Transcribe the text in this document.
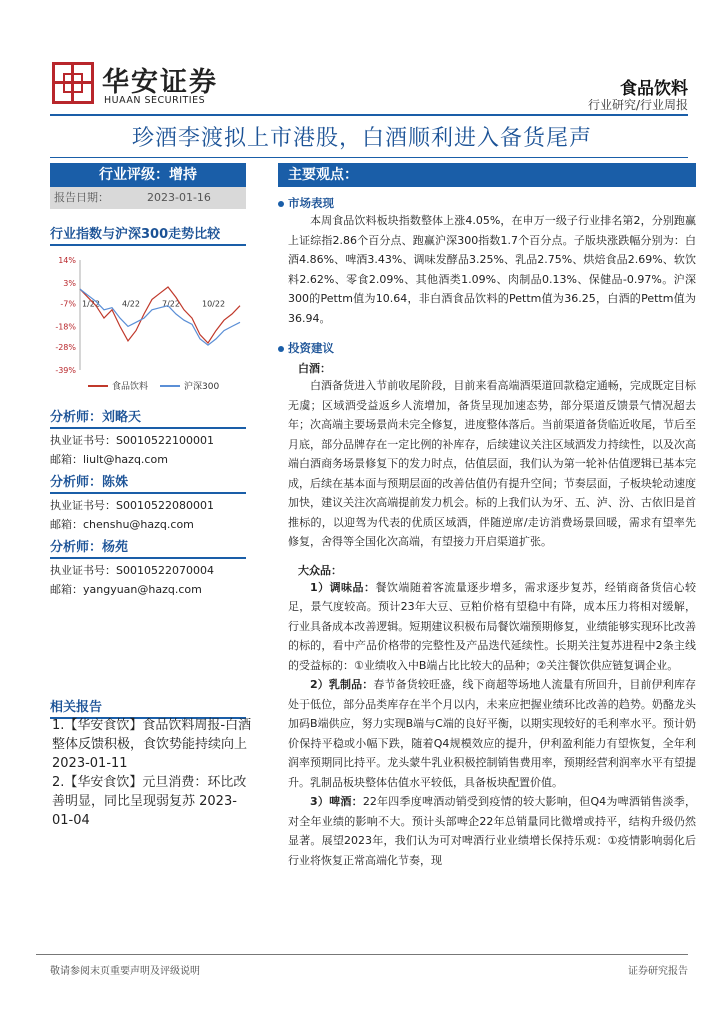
华安证券
HUAAN SECURITIES
食品饮料
行业研究/行业周报
珍酒李渡拟上市港股，白酒顺利进入备货尾声
行业评级：增持
报告日期：	2023-01-16
行业指数与沪深300走势比较
14%
3%
-7%
-18%
-28%
-39%
1/22	4/22	7/22	10/22
食品饮料	沪深300
分析师：刘略天
执业证书号：S0010522100001
邮箱：liult@hazq.com
分析师：陈姝
执业证书号：S0010522080001
邮箱：chenshu@hazq.com
分析师：杨苑
执业证书号：S0010522070004
邮箱：yangyuan@hazq.com
相关报告
1.【华安食饮】食品饮料周报-白酒整体反馈积极，食饮势能持续向上 2023-01-11
2.【华安食饮】元旦消费：环比改善明显，同比呈现弱复苏 2023-01-04
主要观点：
市场表现
本周食品饮料板块指数整体上涨4.05%，在申万一级子行业排名第2，分别跑赢上证综指2.86个百分点、跑赢沪深300指数1.7个百分点。子版块涨跌幅分别为：白酒4.86%、啤酒3.43%、调味发酵品3.25%、乳品2.75%、烘焙食品2.69%、软饮料2.62%、零食2.09%、其他酒类1.09%、肉制品0.13%、保健品-0.97%。沪深300的Pettm值为10.64，非白酒食品饮料的Pettm值为36.25，白酒的Pettm值为36.94。
投资建议
白酒：
白酒备货进入节前收尾阶段，目前来看高端酒渠道回款稳定通畅，完成既定目标无虞；区域酒受益返乡人流增加，备货呈现加速态势，部分渠道反馈景气情况超去年；次高端主要场景尚未完全修复，进度整体落后。当前渠道备货临近收尾，节后至月底，部分品牌存在一定比例的补库存，后续建议关注区域酒发力持续性，以及次高端白酒商务场景修复下的发力时点，估值层面，我们认为第一轮补估值逻辑已基本完成，后续在基本面与预期层面的改善估值仍有提升空间；节奏层面，子板块轮动速度加快，建议关注次高端提前发力机会。标的上我们认为牙、五、泸、汾、古依旧是首推标的，以迎驾为代表的优质区域酒，伴随逆席/走访消费场景回暖，需求有望率先修复，舍得等全国化次高端，有望接力开启渠道扩张。
大众品：
1）调味品：餐饮端随着客流量逐步增多，需求逐步复苏，经销商备货信心较足，景气度较高。预计23年大豆、豆粕价格有望稳中有降，成本压力将相对缓解，行业具备成本改善逻辑。短期建议积极布局餐饮端预期修复，业绩能够实现环比改善的标的，看中产品价格带的完整性及产品迭代延续性。长期关注复苏进程中2条主线的受益标的：①业绩收入中B端占比比较大的品种；②关注餐饮供应链复调企业。
2）乳制品：春节备货较旺盛，线下商超等场地人流量有所回升，目前伊利库存处于低位，部分品类库存在半个月以内，未来应把握业绩环比改善的趋势。奶酪龙头加码B端供应，努力实现B端与C端的良好平衡，以期实现较好的毛利率水平。预计奶价保持平稳或小幅下跌，随着Q4规模效应的提升，伊利盈利能力有望恢复，全年利润率预期同比持平。龙头蒙牛乳业积极控制销售费用率，预期经营利润率水平有望提升。乳制品板块整体估值水平较低，具备板块配置价值。
3）啤酒：22年四季度啤酒动销受到疫情的较大影响，但Q4为啤酒销售淡季，对全年业绩的影响不大。预计头部啤企22年总销量同比微增或持平，结构升级仍然显著。展望2023年，我们认为可对啤酒行业业绩增长保持乐观：①疫情影响弱化后行业将恢复正常高端化节奏，现
敬请参阅末页重要声明及评级说明	证券研究报告
